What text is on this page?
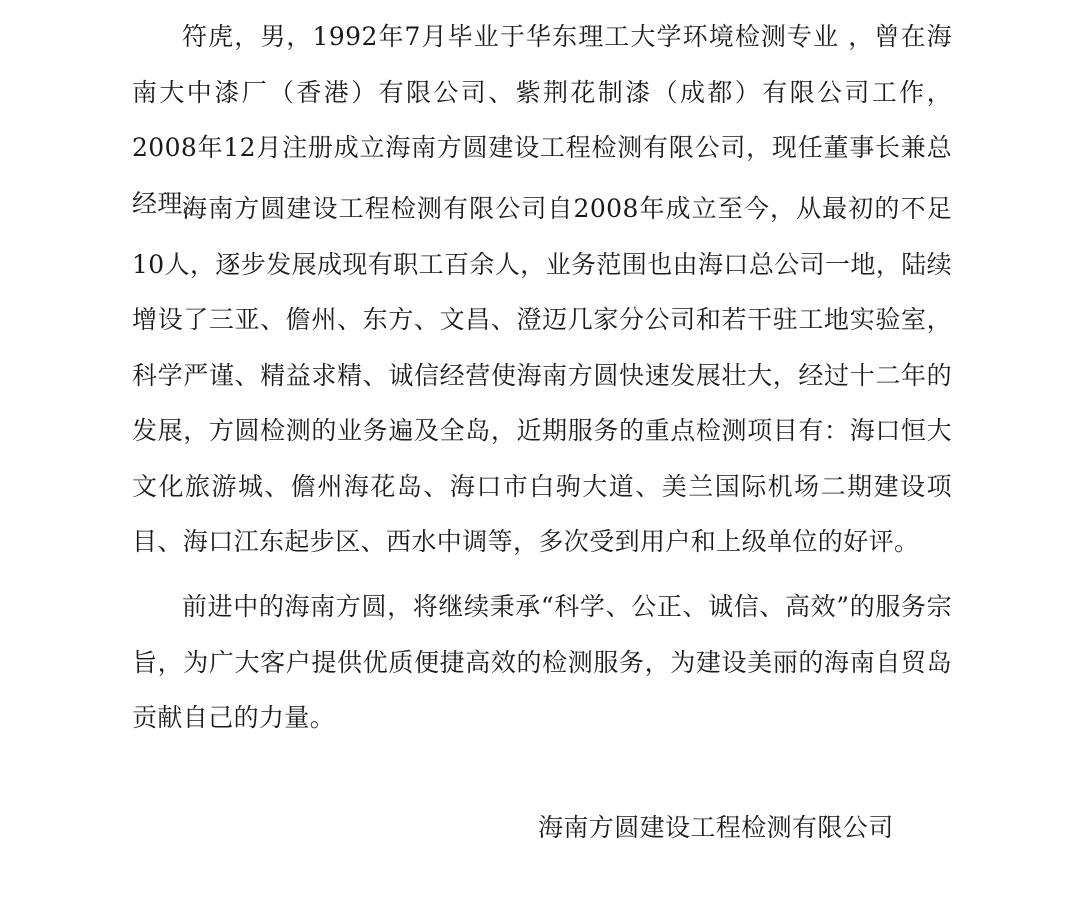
符虎，男，1992年7月毕业于华东理工大学环境检测专业 ，曾在海南大中漆厂（香港）有限公司、紫荆花制漆（成都）有限公司工作，2008年12月注册成立海南方圆建设工程检测有限公司，现任董事长兼总经理。

海南方圆建设工程检测有限公司自2008年成立至今，从最初的不足10人，逐步发展成现有职工百余人，业务范围也由海口总公司一地，陆续增设了三亚、儋州、东方、文昌、澄迈几家分公司和若干驻工地实验室，科学严谨、精益求精、诚信经营使海南方圆快速发展壮大，经过十二年的发展，方圆检测的业务遍及全岛，近期服务的重点检测项目有：海口恒大文化旅游城、儋州海花岛、海口市白驹大道、美兰国际机场二期建设项目、海口江东起步区、西水中调等，多次受到用户和上级单位的好评。

前进中的海南方圆，将继续秉承“科学、公正、诚信、高效”的服务宗旨，为广大客户提供优质便捷高效的检测服务，为建设美丽的海南自贸岛贡献自己的力量。

海南方圆建设工程检测有限公司
